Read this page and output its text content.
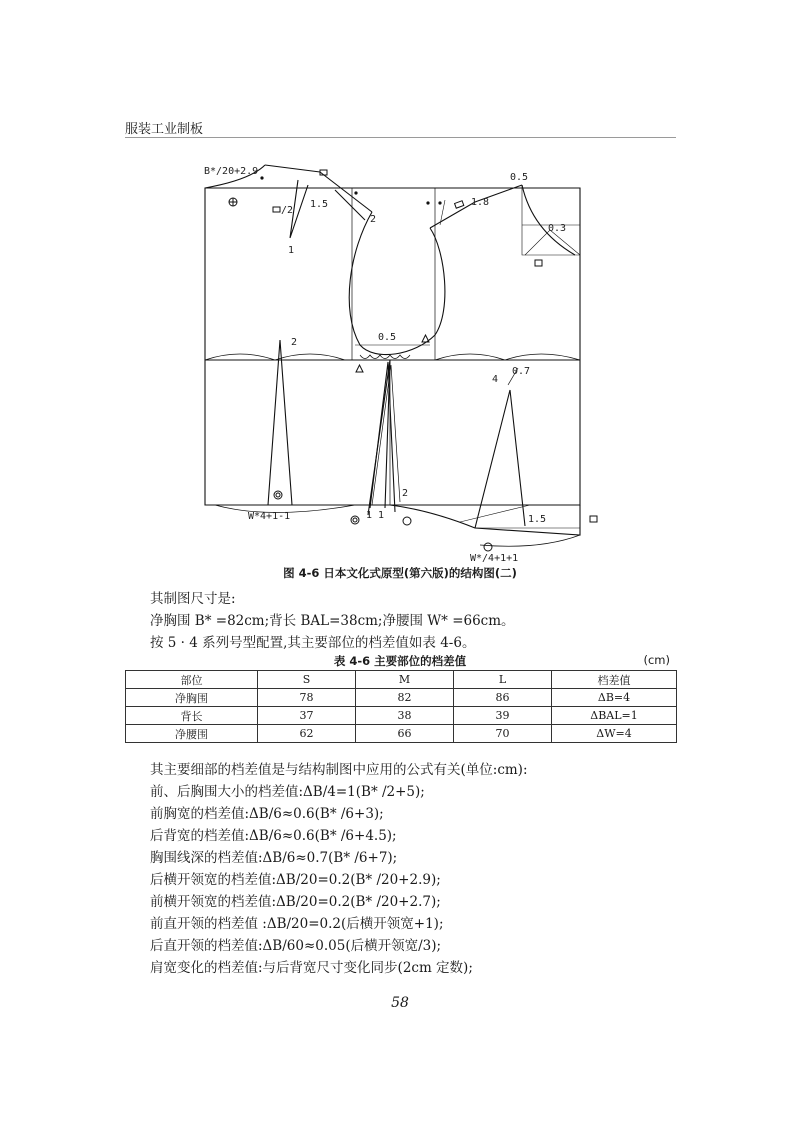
服装工业制板
B*/20+2.9
1.5
/2
1
2
1.8
0.5
0.3
0.5
2
4
0.7
1 1
2
1.5
W*4+1-1
W*/4+1+1
图 4-6 日本文化式原型(第六版)的结构图(二)
其制图尺寸是:
净胸围 B* =82cm;背长 BAL=38cm;净腰围 W* =66cm。
按 5 · 4 系列号型配置,其主要部位的档差值如表 4-6。
表 4-6 主要部位的档差值	(cm)
部位	S	M	L	档差值
净胸围	78	82	86	ΔB=4
背长	37	38	39	ΔBAL=1
净腰围	62	66	70	ΔW=4
其主要细部的档差值是与结构制图中应用的公式有关(单位:cm):
前、后胸围大小的档差值:ΔB/4=1(B* /2+5);
前胸宽的档差值:ΔB/6≈0.6(B* /6+3);
后背宽的档差值:ΔB/6≈0.6(B* /6+4.5);
胸围线深的档差值:ΔB/6≈0.7(B* /6+7);
后横开领宽的档差值:ΔB/20=0.2(B* /20+2.9);
前横开领宽的档差值:ΔB/20=0.2(B* /20+2.7);
前直开领的档差值 :ΔB/20=0.2(后横开领宽+1);
后直开领的档差值:ΔB/60≈0.05(后横开领宽/3);
肩宽变化的档差值:与后背宽尺寸变化同步(2cm 定数);
58
